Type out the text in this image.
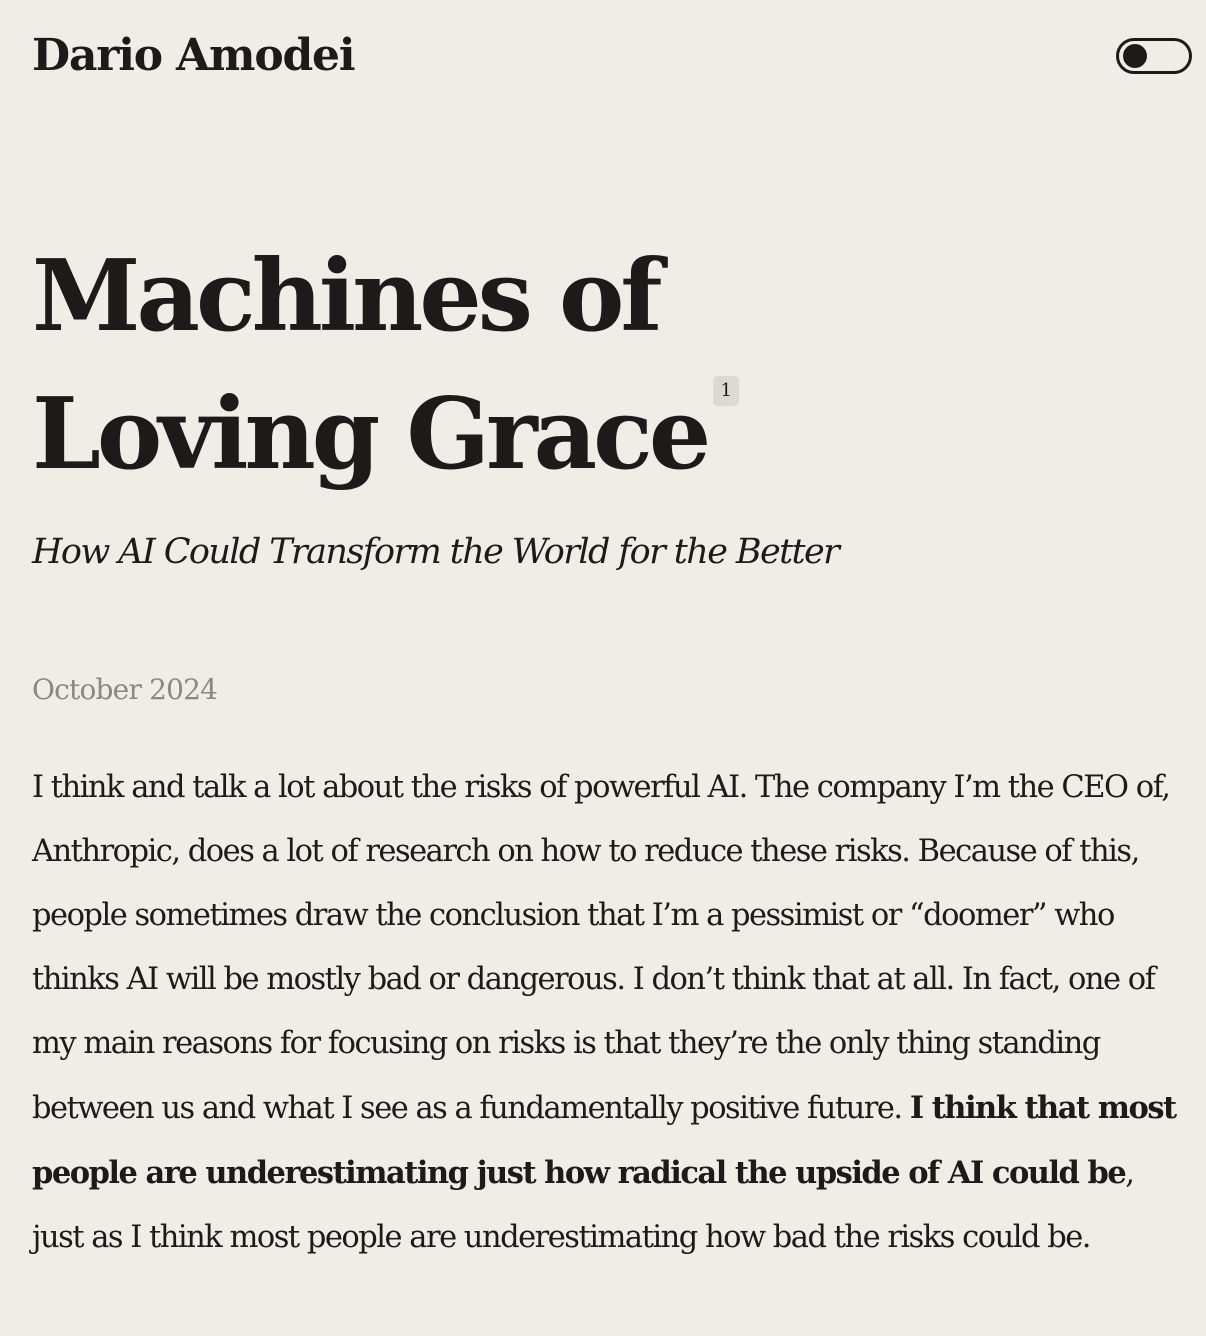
Dario Amodei
Machines of
Loving Grace 1
How AI Could Transform the World for the Better

October 2024

I think and talk a lot about the risks of powerful AI. The company I’m the CEO of, Anthropic, does a lot of research on how to reduce these risks. Because of this, people sometimes draw the conclusion that I’m a pessimist or “doomer” who thinks AI will be mostly bad or dangerous. I don’t think that at all. In fact, one of my main reasons for focusing on risks is that they’re the only thing standing between us and what I see as a fundamentally positive future. I think that most people are underestimating just how radical the upside of AI could be, just as I think most people are underestimating how bad the risks could be.
